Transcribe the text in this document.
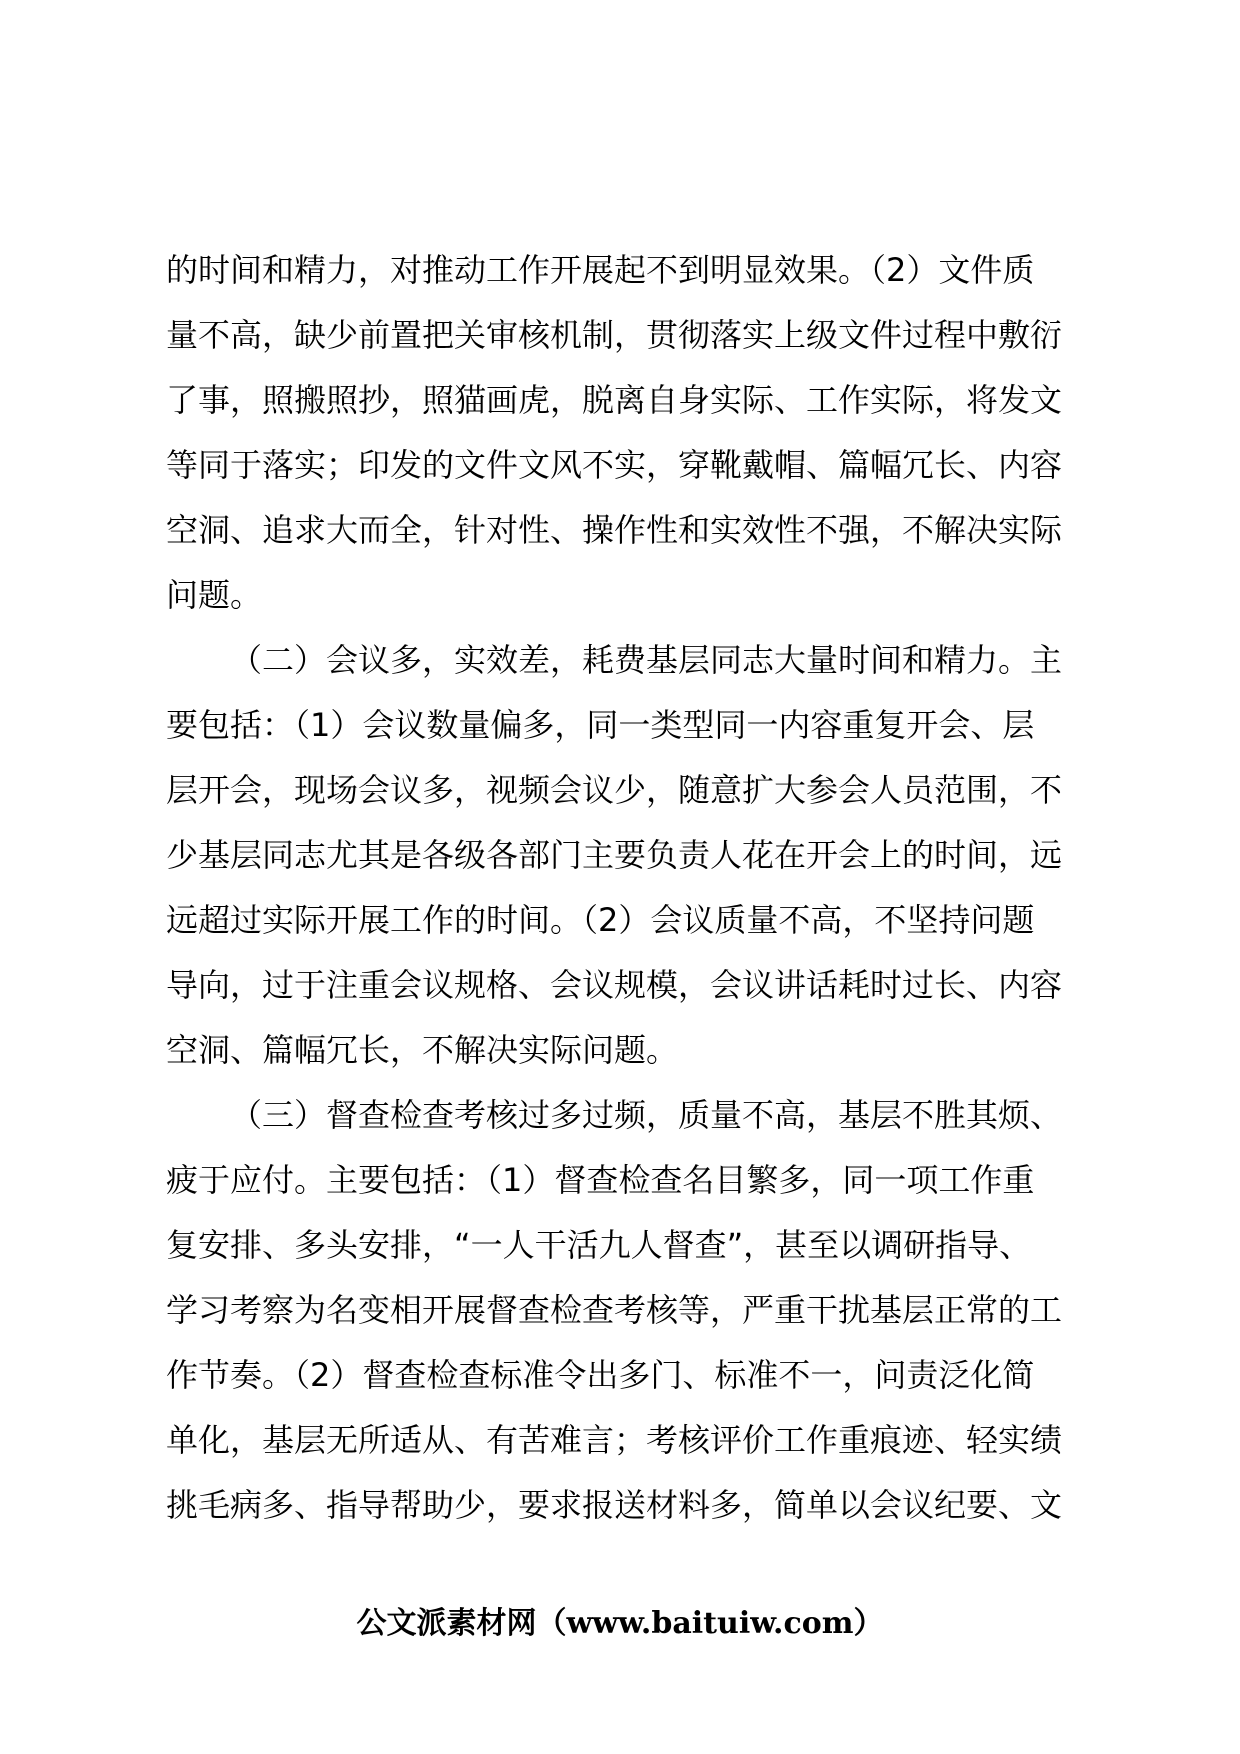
的时间和精力，对推动工作开展起不到明显效果。（2）文件质
量不高，缺少前置把关审核机制，贯彻落实上级文件过程中敷衍
了事，照搬照抄，照猫画虎，脱离自身实际、工作实际，将发文
等同于落实；印发的文件文风不实，穿靴戴帽、篇幅冗长、内容
空洞、追求大而全，针对性、操作性和实效性不强，不解决实际
问题。
（二）会议多，实效差，耗费基层同志大量时间和精力。主
要包括：（1）会议数量偏多，同一类型同一内容重复开会、层
层开会，现场会议多，视频会议少，随意扩大参会人员范围，不
少基层同志尤其是各级各部门主要负责人花在开会上的时间，远
远超过实际开展工作的时间。（2）会议质量不高，不坚持问题
导向，过于注重会议规格、会议规模，会议讲话耗时过长、内容
空洞、篇幅冗长，不解决实际问题。
（三）督查检查考核过多过频，质量不高，基层不胜其烦、
疲于应付。主要包括：（1）督查检查名目繁多，同一项工作重
复安排、多头安排，“一人干活九人督查”，甚至以调研指导、
学习考察为名变相开展督查检查考核等，严重干扰基层正常的工
作节奏。（2）督查检查标准令出多门、标准不一，问责泛化简
单化，基层无所适从、有苦难言；考核评价工作重痕迹、轻实绩
挑毛病多、指导帮助少，要求报送材料多，简单以会议纪要、文
公文派素材网（www.baituiw.com）
